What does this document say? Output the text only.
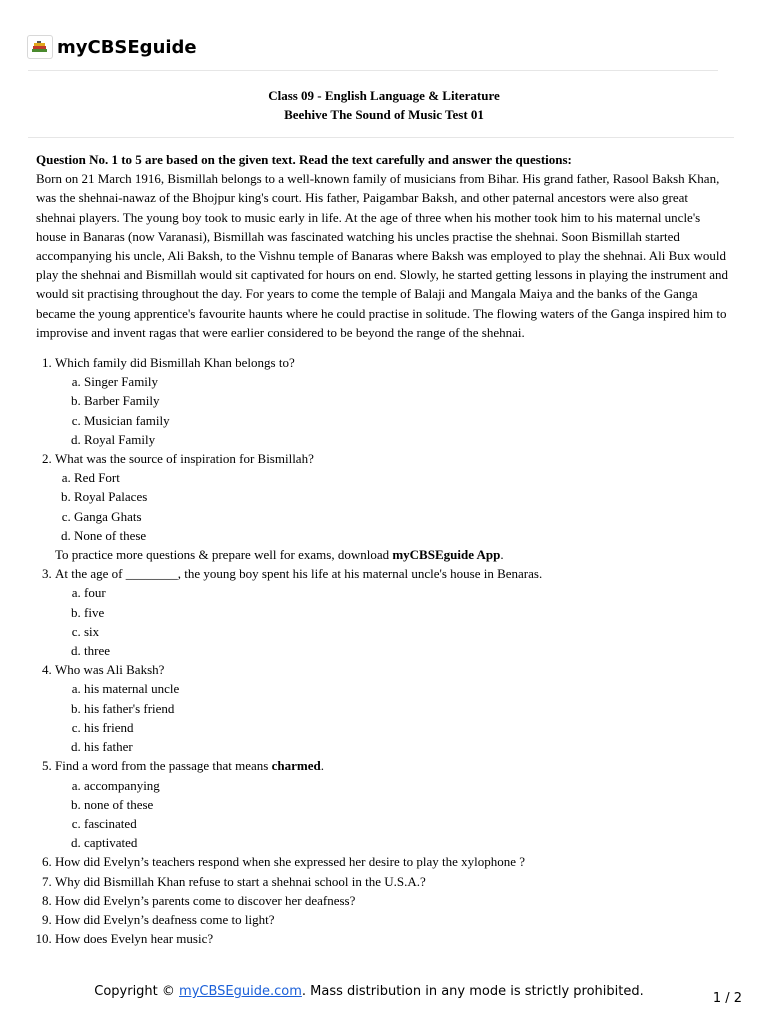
myCBSEguide
Class 09 - English Language & Literature
Beehive The Sound of Music Test 01
Question No. 1 to 5 are based on the given text. Read the text carefully and answer the questions:

Born on 21 March 1916, Bismillah belongs to a well-known family of musicians from Bihar. His grand father, Rasool Baksh Khan, was the shehnai-nawaz of the Bhojpur king's court. His father, Paigambar Baksh, and other paternal ancestors were also great shehnai players. The young boy took to music early in life. At the age of three when his mother took him to his maternal uncle's house in Banaras (now Varanasi), Bismillah was fascinated watching his uncles practise the shehnai. Soon Bismillah started accompanying his uncle, Ali Baksh, to the Vishnu temple of Banaras where Baksh was employed to play the shehnai. Ali Bux would play the shehnai and Bismillah would sit captivated for hours on end. Slowly, he started getting lessons in playing the instrument and would sit practising throughout the day. For years to come the temple of Balaji and Mangala Maiya and the banks of the Ganga became the young apprentice's favourite haunts where he could practise in solitude. The flowing waters of the Ganga inspired him to improvise and invent ragas that were earlier considered to be beyond the range of the shehnai.

1. Which family did Bismillah Khan belongs to?
a. Singer Family
b. Barber Family
c. Musician family
d. Royal Family
2. What was the source of inspiration for Bismillah?
a. Red Fort
b. Royal Palaces
c. Ganga Ghats
d. None of these
To practice more questions & prepare well for exams, download myCBSEguide App.
3. At the age of ________, the young boy spent his life at his maternal uncle's house in Benaras.
a. four
b. five
c. six
d. three
4. Who was Ali Baksh?
a. his maternal uncle
b. his father's friend
c. his friend
d. his father
5. Find a word from the passage that means charmed.
a. accompanying
b. none of these
c. fascinated
d. captivated
6. How did Evelyn’s teachers respond when she expressed her desire to play the xylophone ?
7. Why did Bismillah Khan refuse to start a shehnai school in the U.S.A.?
8. How did Evelyn’s parents come to discover her deafness?
9. How did Evelyn’s deafness come to light?
10. How does Evelyn hear music?
Copyright © myCBSEguide.com. Mass distribution in any mode is strictly prohibited.	1 / 2
